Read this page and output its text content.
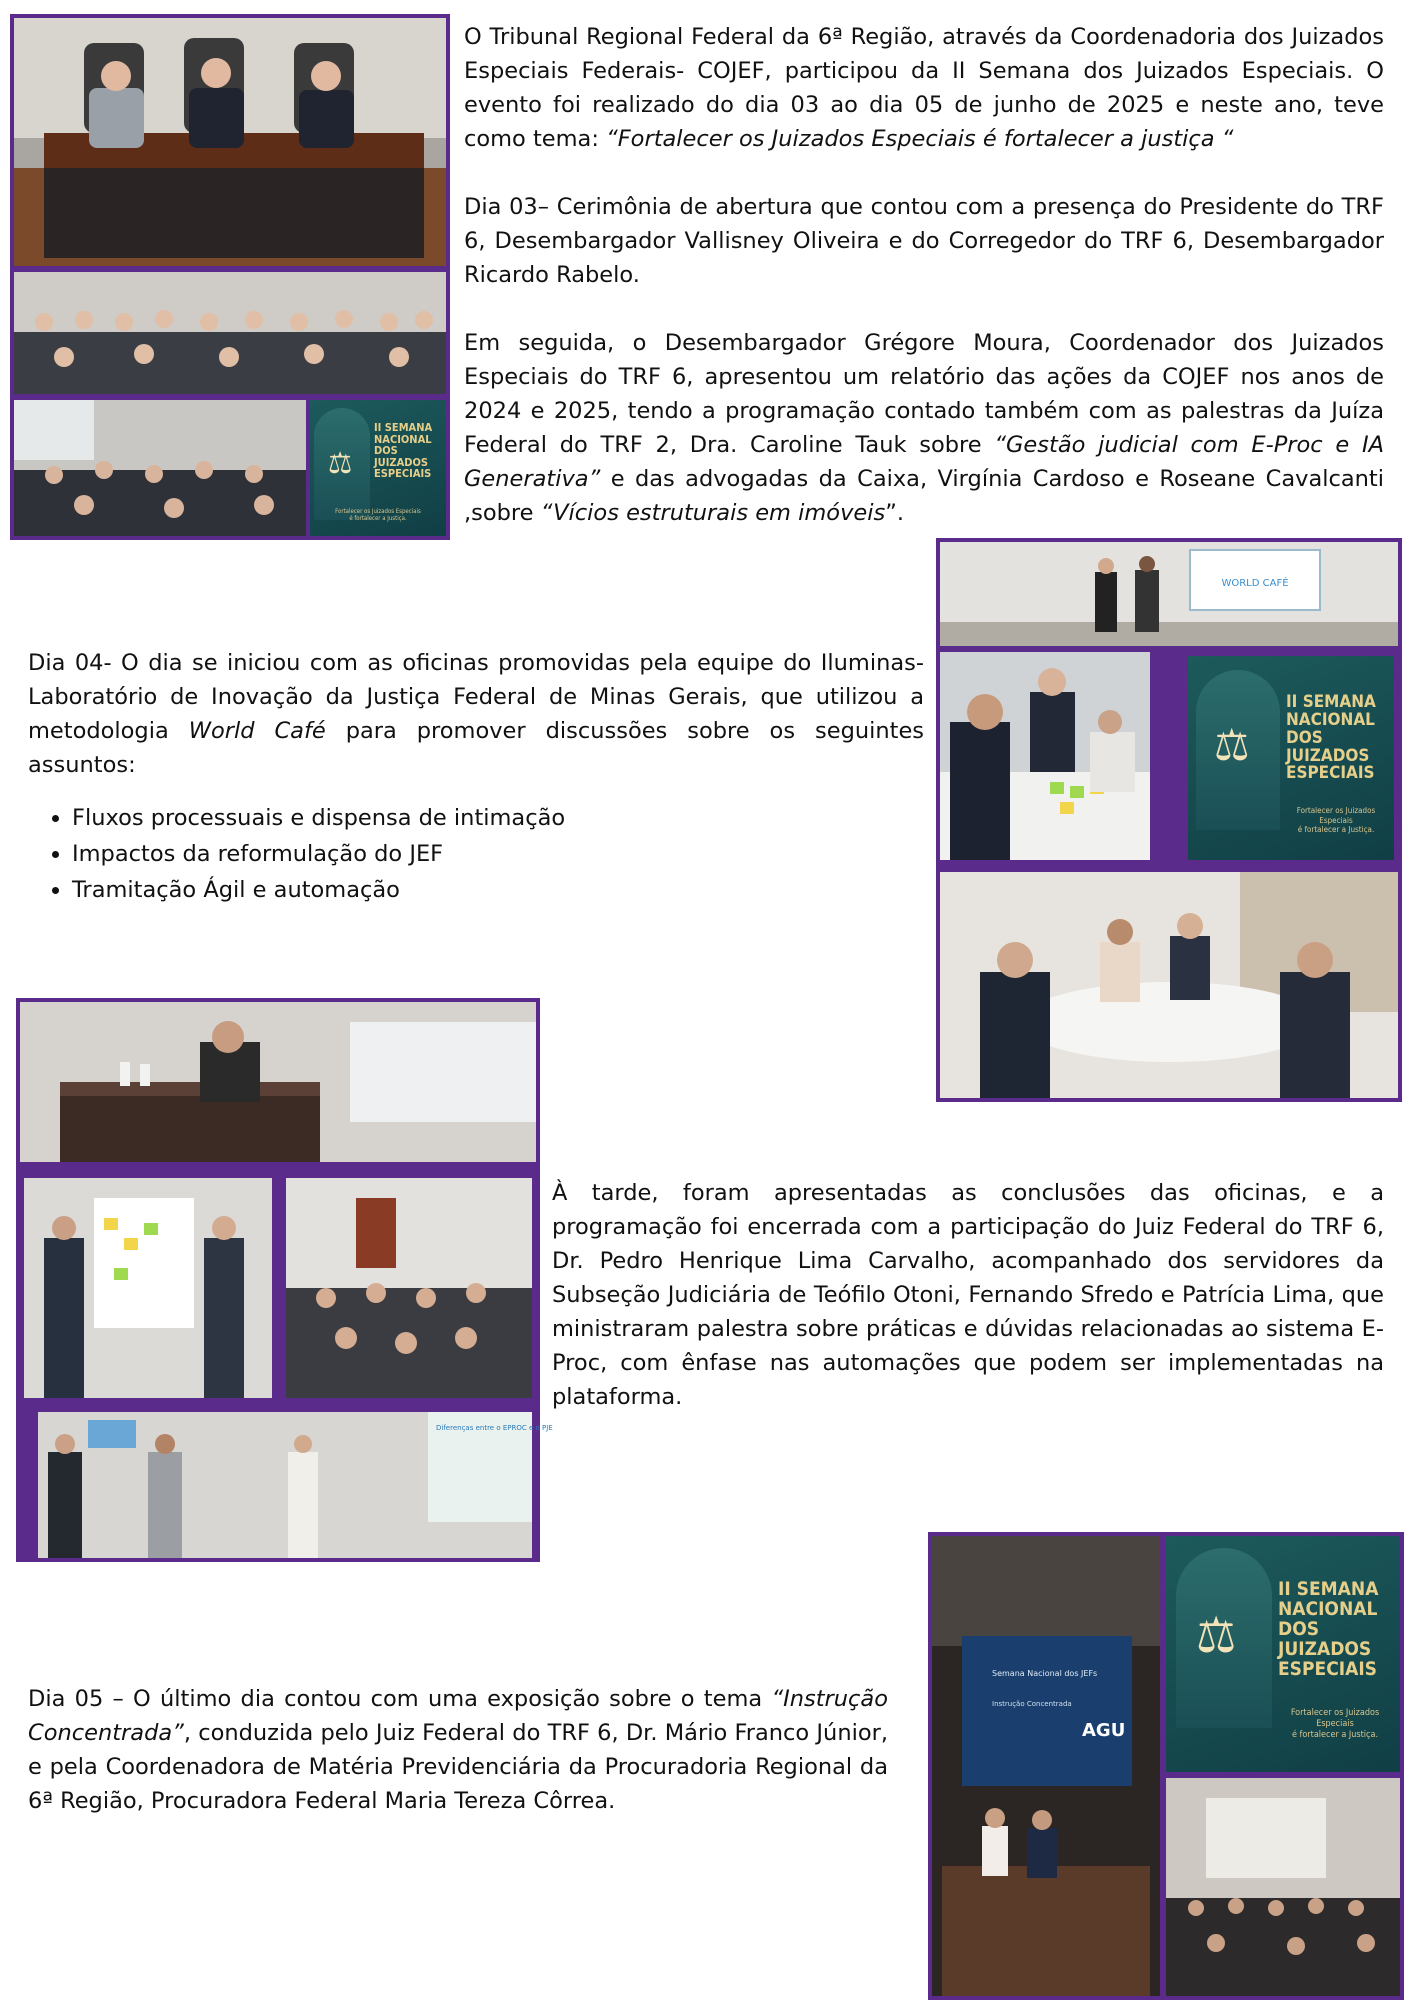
O Tribunal Regional Federal da 6ª Região, através da Coordenadoria dos Juizados Especiais Federais- COJEF, participou da II Semana dos Juizados Especiais. O evento foi realizado do dia 03 ao dia 05 de junho de 2025 e neste ano, teve como tema: “Fortalecer os Juizados Especiais é fortalecer a justiça “

Dia 03– Cerimônia de abertura que contou com a presença do Presidente do TRF 6, Desembargador Vallisney Oliveira e do Corregedor do TRF 6, Desembargador Ricardo Rabelo.

Em seguida, o Desembargador Grégore Moura, Coordenador dos Juizados Especiais do TRF 6, apresentou um relatório das ações da COJEF nos anos de 2024 e 2025, tendo a programação contado também com as palestras da Juíza Federal do TRF 2, Dra. Caroline Tauk sobre “Gestão judicial com E-Proc e IA Generativa” e das advogadas da Caixa, Virgínia Cardoso e Roseane Cavalcanti ,sobre “Vícios estruturais em imóveis”.

Dia 04- O dia se iniciou com as oficinas promovidas pela equipe do Iluminas- Laboratório de Inovação da Justiça Federal de Minas Gerais, que utilizou a metodologia World Café para promover discussões sobre os seguintes assuntos:

• Fluxos processuais e dispensa de intimação
• Impactos da reformulação do JEF
• Tramitação Ágil e automação

À tarde, foram apresentadas as conclusões das oficinas, e a programação foi encerrada com a participação do Juiz Federal do TRF 6, Dr. Pedro Henrique Lima Carvalho, acompanhado dos servidores da Subseção Judiciária de Teófilo Otoni, Fernando Sfredo e Patrícia Lima, que ministraram palestra sobre práticas e dúvidas relacionadas ao sistema E-Proc, com ênfase nas automações que podem ser implementadas na plataforma.

Dia 05 – O último dia contou com uma exposição sobre o tema “Instrução Concentrada”, conduzida pelo Juiz Federal do TRF 6, Dr. Mário Franco Júnior, e pela Coordenadora de Matéria Previdenciária da Procuradoria Regional da 6ª Região, Procuradora Federal Maria Tereza Côrrea.

⚖
II SEMANA
NACIONAL
DOS JUIZADOS
ESPECIAIS
Fortalecer os Juizados Especiais
é fortalecer a Justiça.
WORLD CAFÉ
⚖
II SEMANA
NACIONAL
DOS JUIZADOS
ESPECIAIS
Fortalecer os Juizados Especiais
é fortalecer a Justiça.
Diferenças entre o EPROC e o PJE
Semana Nacional dos JEFs
Instrução Concentrada
AGU
⚖
II SEMANA
NACIONAL
DOS JUIZADOS
ESPECIAIS
Fortalecer os Juizados Especiais
é fortalecer a Justiça.
